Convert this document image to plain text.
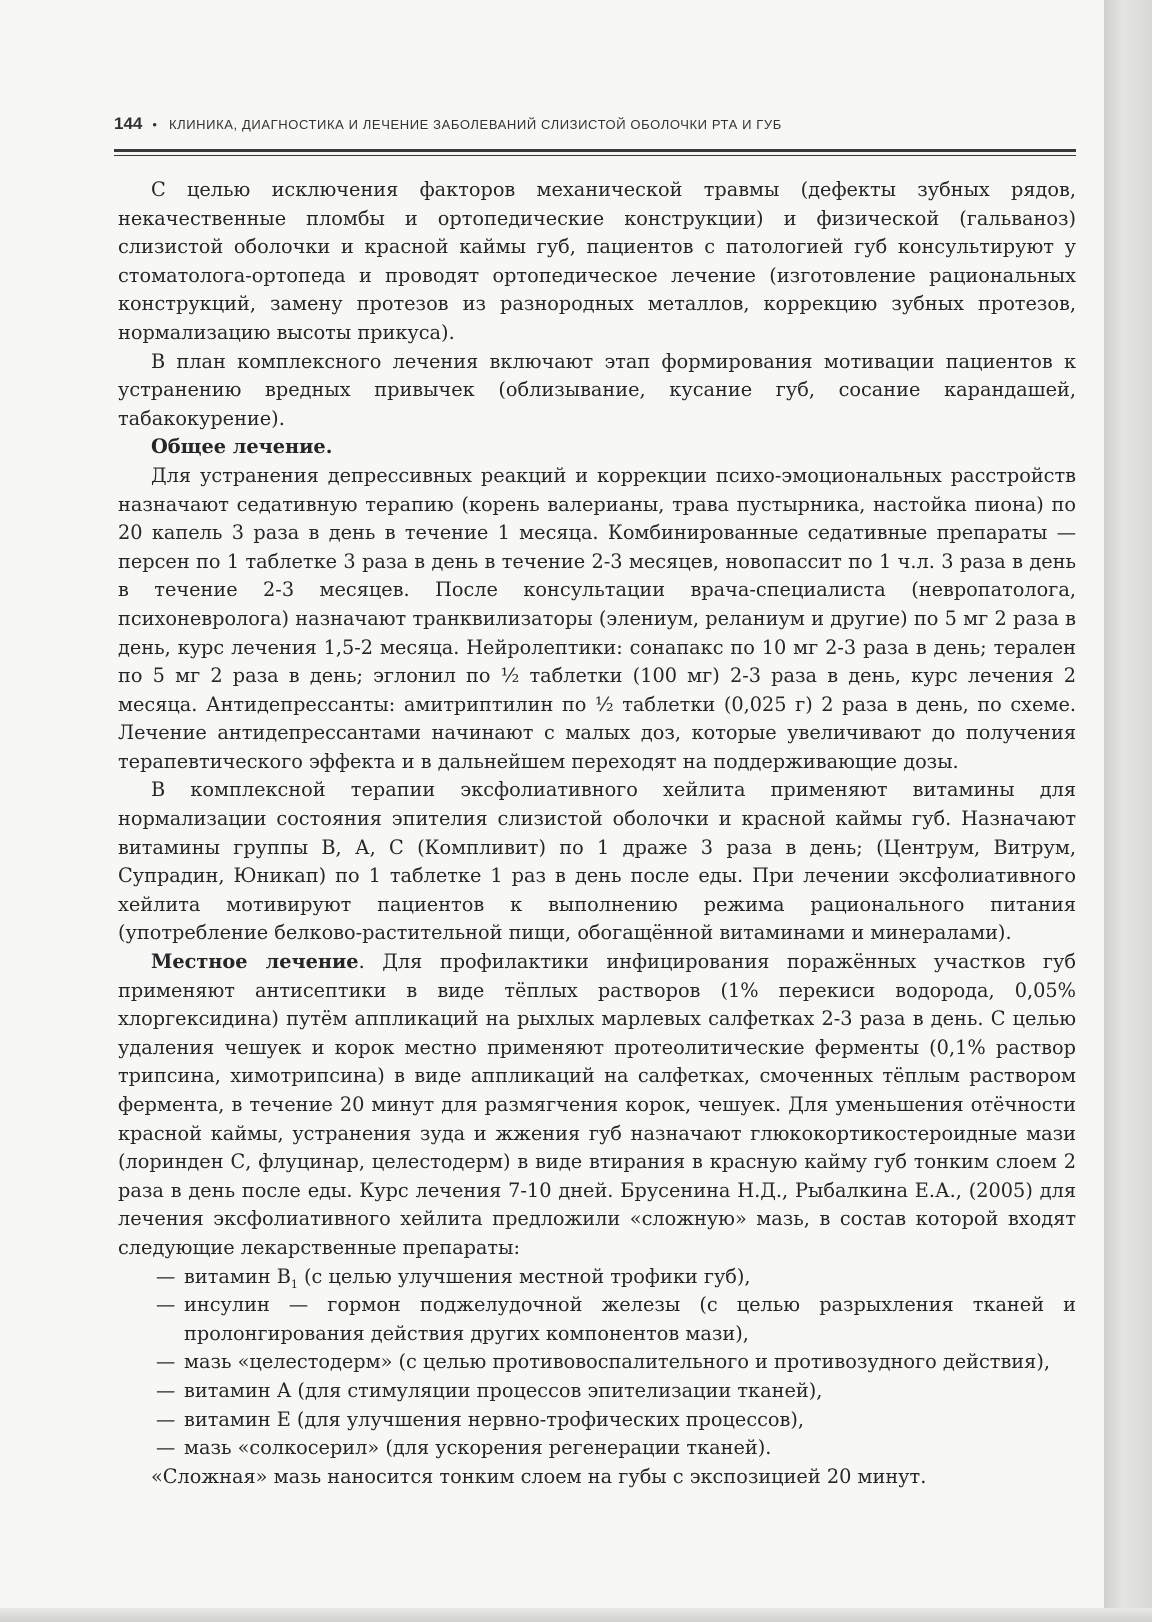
144 • КЛИНИКА, ДИАГНОСТИКА И ЛЕЧЕНИЕ ЗАБОЛЕВАНИЙ СЛИЗИСТОЙ ОБОЛОЧКИ РТА И ГУБ

С целью исключения факторов механической травмы (дефекты зубных рядов, некачественные пломбы и ортопедические конструкции) и физической (гальваноз) слизистой оболочки и красной каймы губ, пациентов с патологией губ консультируют у стоматолога-ортопеда и проводят ортопедическое лечение (изготовление рациональных конструкций, замену протезов из разнородных металлов, коррекцию зубных протезов, нормализацию высоты прикуса).

В план комплексного лечения включают этап формирования мотивации пациентов к устранению вредных привычек (облизывание, кусание губ, сосание карандашей, табакокурение).

Общее лечение.

Для устранения депрессивных реакций и коррекции психо-эмоциональных расстройств назначают седативную терапию (корень валерианы, трава пустырника, настойка пиона) по 20 капель 3 раза в день в течение 1 месяца. Комбинированные седативные препараты — персен по 1 таблетке 3 раза в день в течение 2-3 месяцев, новопассит по 1 ч.л. 3 раза в день в течение 2-3 месяцев. После консультации врача-специалиста (невропатолога, психоневролога) назначают транквилизаторы (элениум, реланиум и другие) по 5 мг 2 раза в день, курс лечения 1,5-2 месяца. Нейролептики: сонапакс по 10 мг 2-3 раза в день; терален по 5 мг 2 раза в день; эглонил по ½ таблетки (100 мг) 2-3 раза в день, курс лечения 2 месяца. Антидепрессанты: амитриптилин по ½ таблетки (0,025 г) 2 раза в день, по схеме. Лечение антидепрессантами начинают с малых доз, которые увеличивают до получения терапевтического эффекта и в дальнейшем переходят на поддерживающие дозы.

В комплексной терапии эксфолиативного хейлита применяют витамины для нормализации состояния эпителия слизистой оболочки и красной каймы губ. Назначают витамины группы В, А, С (Компливит) по 1 драже 3 раза в день; (Центрум, Витрум, Супрадин, Юникап) по 1 таблетке 1 раз в день после еды. При лечении эксфолиативного хейлита мотивируют пациентов к выполнению режима рационального питания (употребление белково-растительной пищи, обогащённой витаминами и минералами).

Местное лечение. Для профилактики инфицирования поражённых участков губ применяют антисептики в виде тёплых растворов (1% перекиси водорода, 0,05% хлоргексидина) путём аппликаций на рыхлых марлевых салфетках 2-3 раза в день. С целью удаления чешуек и корок местно применяют протеолитические ферменты (0,1% раствор трипсина, химотрипсина) в виде аппликаций на салфетках, смоченных тёплым раствором фермента, в течение 20 минут для размягчения корок, чешуек. Для уменьшения отёчности красной каймы, устранения зуда и жжения губ назначают глюкокортикостероидные мази (лоринден С, флуцинар, целестодерм) в виде втирания в красную кайму губ тонким слоем 2 раза в день после еды. Курс лечения 7-10 дней. Брусенина Н.Д., Рыбалкина Е.А., (2005) для лечения эксфолиативного хейлита предложили «сложную» мазь, в состав которой входят следующие лекарственные препараты:

— витамин $В_1$ (с целью улучшения местной трофики губ),
— инсулин — гормон поджелудочной железы (с целью разрыхления тканей и пролонгирования действия других компонентов мази),
— мазь «целестодерм» (с целью противовоспалительного и противозудного действия),
— витамин А (для стимуляции процессов эпителизации тканей),
— витамин Е (для улучшения нервно-трофических процессов),
— мазь «солкосерил» (для ускорения регенерации тканей).

«Сложная» мазь наносится тонким слоем на губы с экспозицией 20 минут.
